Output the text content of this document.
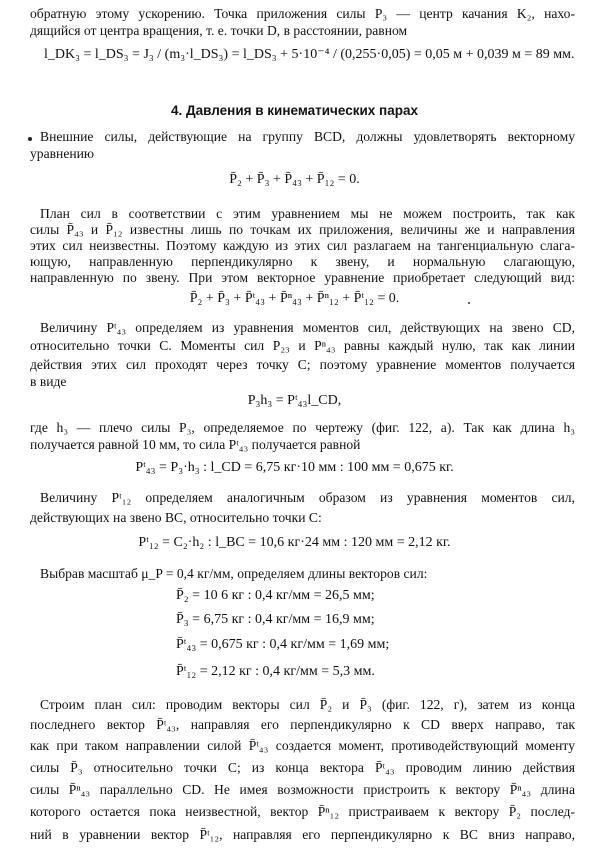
обратную этому ускорению. Точка приложения силы P₃ — центр качания K₂, нахо-
дящийся от центра вращения, т. е. точки D, в расстоянии, равном
l_DK₃ = l_DS₃ = J₃ / (m₃·l_DS₃) = l_DS₃ + 5·10⁻⁴ / (0,255·0,05) = 0,05 м + 0,039 м = 89 мм.
4. Давления в кинематических парах
Внешние силы, действующие на группу BCD, должны удовлетворять векторному
уравнению
P̄₂ + P̄₃ + P̄₄₃ + P̄₁₂ = 0.
План сил в соответствии с этим уравнением мы не можем построить, так как
силы P̄₄₃ и P̄₁₂ известны лишь по точкам их приложения, величины же и направления
этих сил неизвестны. Поэтому каждую из этих сил разлагаем на тангенциальную слага-
ющую, направленную перпендикулярно к звену, и нормальную слагающую,
направленную по звену. При этом векторное уравнение приобретает следующий вид:
P̄₂ + P̄₃ + P̄ᵗ₄₃ + P̄ⁿ₄₃ + P̄ⁿ₁₂ + P̄ᵗ₁₂ = 0.
Величину Pᵗ₄₃ определяем из уравнения моментов сил, действующих на звено CD,
относительно точки C. Моменты сил P₂₃ и Pⁿ₄₃ равны каждый нулю, так как линии
действия этих сил проходят через точку C; поэтому уравнение моментов получается
в виде
P₃h₃ = Pᵗ₄₃l_CD,
где h₃ — плечо силы P₃, определяемое по чертежу (фиг. 122, а). Так как длина h₃
получается равной 10 мм, то сила Pᵗ₄₃ получается равной
Pᵗ₄₃ = P₃·h₃ : l_CD = 6,75 кг·10 мм : 100 мм = 0,675 кг.
Величину Pᵗ₁₂ определяем аналогичным образом из уравнения моментов сил,
действующих на звено BC, относительно точки C:
Pᵗ₁₂ = C₂·h₂ : l_BC = 10,6 кг·24 мм : 120 мм = 2,12 кг.
Выбрав масштаб μ_P = 0,4 кг/мм, определяем длины векторов сил:
P̄₂ = 10 6 кг : 0,4 кг/мм = 26,5 мм;
P̄₃ = 6,75 кг : 0,4 кг/мм = 16,9 мм;
P̄ᵗ₄₃ = 0,675 кг : 0,4 кг/мм = 1,69 мм;
P̄ᵗ₁₂ = 2,12 кг : 0,4 кг/мм = 5,3 мм.
Строим план сил: проводим векторы сил P̄₂ и P̄₃ (фиг. 122, г), затем из конца
последнего вектор P̄ᵗ₄₃, направляя его перпендикулярно к CD вверх направо, так
как при таком направлении силой P̄ᵗ₄₃ создается момент, противодействующий моменту
силы P̄₃ относительно точки C; из конца вектора P̄ᵗ₄₃ проводим линию действия
силы P̄ⁿ₄₃ параллельно CD. Не имея возможности пристроить к вектору P̄ⁿ₄₃ длина
которого остается пока неизвестной, вектор P̄ⁿ₁₂ пристраиваем к вектору P̄₂ послед-
ний в уравнении вектор P̄ᵗ₁₂, направляя его перпендикулярно к BC вниз направо,
